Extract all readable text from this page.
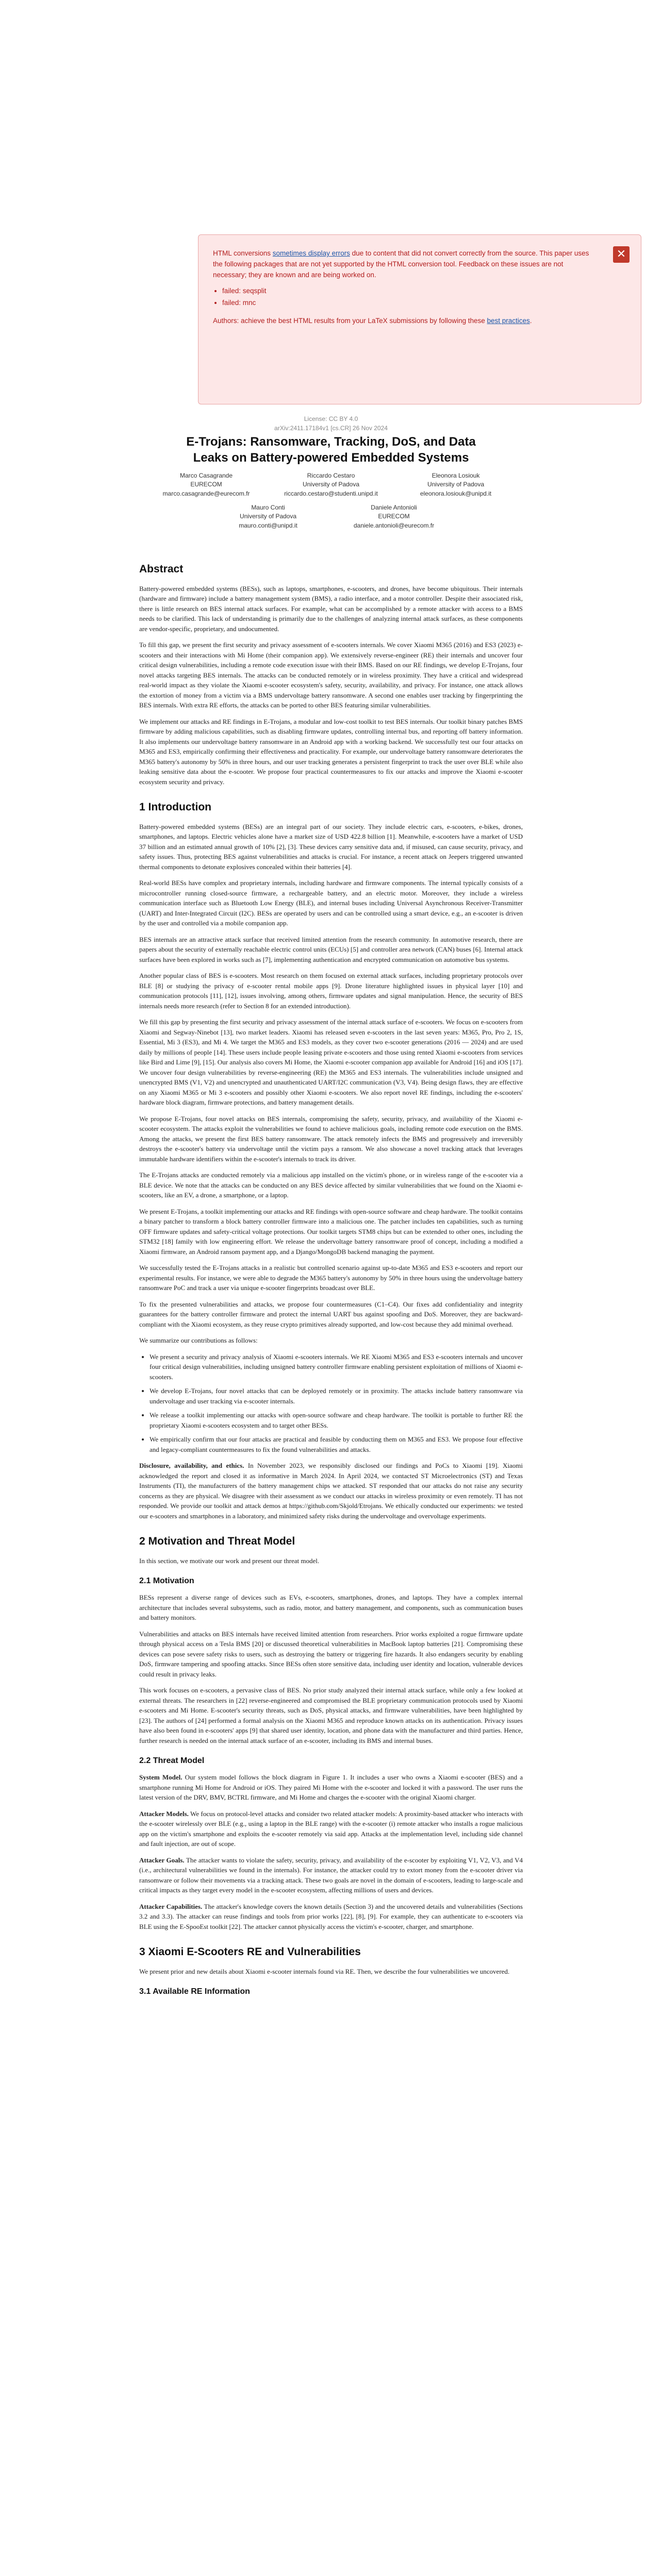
HTML conversions sometimes display errors due to content that did not convert correctly from the source. This paper uses the following packages that are not yet supported by the HTML conversion tool. Feedback on these issues are not necessary; they are known and are being worked on.
• failed: seqsplit
• failed: mnc
Authors: achieve the best HTML results from your LaTeX submissions by following these best practices.
✕
License: CC BY 4.0
arXiv:2411.17184v1 [cs.CR] 26 Nov 2024
E-Trojans: Ransomware, Tracking, DoS, and Data
Leaks on Battery-powered Embedded Systems
Marco Casagrande
EURECOM
marco.casagrande@eurecom.fr
Riccardo Cestaro
University of Padova
riccardo.cestaro@studenti.unipd.it
Eleonora Losiouk
University of Padova
eleonora.losiouk@unipd.it
Mauro Conti
University of Padova
mauro.conti@unipd.it
Daniele Antonioli
EURECOM
daniele.antonioli@eurecom.fr
Abstract

Battery-powered embedded systems (BESs), such as laptops, smartphones, e-scooters, and drones, have become ubiquitous. Their internals (hardware and firmware) include a battery management system (BMS), a radio interface, and a motor controller. Despite their associated risk, there is little research on BES internal attack surfaces. For example, what can be accomplished by a remote attacker with access to a BMS needs to be clarified. This lack of understanding is primarily due to the challenges of analyzing internal attack surfaces, as these components are vendor-specific, proprietary, and undocumented.

To fill this gap, we present the first security and privacy assessment of e-scooters internals. We cover Xiaomi M365 (2016) and ES3 (2023) e-scooters and their interactions with Mi Home (their companion app). We extensively reverse-engineer (RE) their internals and uncover four critical design vulnerabilities, including a remote code execution issue with their BMS. Based on our RE findings, we develop E-Trojans, four novel attacks targeting BES internals. The attacks can be conducted remotely or in wireless proximity. They have a critical and widespread real-world impact as they violate the Xiaomi e-scooter ecosystem's safety, security, availability, and privacy. For instance, one attack allows the extortion of money from a victim via a BMS undervoltage battery ransomware. A second one enables user tracking by fingerprinting the BES internals. With extra RE efforts, the attacks can be ported to other BES featuring similar vulnerabilities.

We implement our attacks and RE findings in E-Trojans, a modular and low-cost toolkit to test BES internals. Our toolkit binary patches BMS firmware by adding malicious capabilities, such as disabling firmware updates, controlling internal bus, and reporting off battery information. It also implements our undervoltage battery ransomware in an Android app with a working backend. We successfully test our four attacks on M365 and ES3, empirically confirming their effectiveness and practicality. For example, our undervoltage battery ransomware deteriorates the M365 battery's autonomy by 50% in three hours, and our user tracking generates a persistent fingerprint to track the user over BLE while also leaking sensitive data about the e-scooter. We propose four practical countermeasures to fix our attacks and improve the Xiaomi e-scooter ecosystem security and privacy.

1 Introduction

Battery-powered embedded systems (BESs) are an integral part of our society. They include electric cars, e-scooters, e-bikes, drones, smartphones, and laptops. Electric vehicles alone have a market size of USD 422.8 billion [1]. Meanwhile, e-scooters have a market of USD 37 billion and an estimated annual growth of 10% [2], [3]. These devices carry sensitive data and, if misused, can cause security, privacy, and safety issues. Thus, protecting BES against vulnerabilities and attacks is crucial. For instance, a recent attack on Jeepers triggered unwanted thermal components to detonate explosives concealed within their batteries [4].

Real-world BESs have complex and proprietary internals, including hardware and firmware components. The internal typically consists of a microcontroller running closed-source firmware, a rechargeable battery, and an electric motor. Moreover, they include a wireless communication interface such as Bluetooth Low Energy (BLE), and internal buses including Universal Asynchronous Receiver-Transmitter (UART) and Inter-Integrated Circuit (I2C). BESs are operated by users and can be controlled using a smart device, e.g., an e-scooter is driven by the user and controlled via a mobile companion app.

BES internals are an attractive attack surface that received limited attention from the research community. In automotive research, there are papers about the security of externally reachable electric control units (ECUs) [5] and controller area network (CAN) buses [6]. Internal attack surfaces have been explored in works such as [7], implementing authentication and encrypted communication on automotive bus systems.

Another popular class of BES is e-scooters. Most research on them focused on external attack surfaces, including proprietary protocols over BLE [8] or studying the privacy of e-scooter rental mobile apps [9]. Drone literature highlighted issues in physical layer [10] and communication protocols [11], [12], issues involving, among others, firmware updates and signal manipulation. Hence, the security of BES internals needs more research (refer to Section 8 for an extended introduction).

We fill this gap by presenting the first security and privacy assessment of the internal attack surface of e-scooters. We focus on e-scooters from Xiaomi and Segway-Ninebot [13], two market leaders. Xiaomi has released seven e-scooters in the last seven years: M365, Pro, Pro 2, 1S, Essential, Mi 3 (ES3), and Mi 4. We target the M365 and ES3 models, as they cover two e-scooter generations (2016 — 2024) and are used daily by millions of people [14]. These users include people leasing private e-scooters and those using rented Xiaomi e-scooters from services like Bird and Lime [9], [15]. Our analysis also covers Mi Home, the Xiaomi e-scooter companion app available for Android [16] and iOS [17]. We uncover four design vulnerabilities by reverse-engineering (RE) the M365 and ES3 internals. The vulnerabilities include unsigned and unencrypted BMS (V1, V2) and unencrypted and unauthenticated UART/I2C communication (V3, V4). Being design flaws, they are effective on any Xiaomi M365 or Mi 3 e-scooters and possibly other Xiaomi e-scooters. We also report novel RE findings, including the e-scooters' hardware block diagram, firmware protections, and battery management details.

We propose E-Trojans, four novel attacks on BES internals, compromising the safety, security, privacy, and availability of the Xiaomi e-scooter ecosystem. The attacks exploit the vulnerabilities we found to achieve malicious goals, including remote code execution on the BMS. Among the attacks, we present the first BES battery ransomware. The attack remotely infects the BMS and progressively and irreversibly destroys the e-scooter's battery via undervoltage until the victim pays a ransom. We also showcase a novel tracking attack that leverages immutable hardware identifiers within the e-scooter's internals to track its driver.

The E-Trojans attacks are conducted remotely via a malicious app installed on the victim's phone, or in wireless range of the e-scooter via a BLE device. We note that the attacks can be conducted on any BES device affected by similar vulnerabilities that we found on the Xiaomi e-scooters, like an EV, a drone, a smartphone, or a laptop.

We present E-Trojans, a toolkit implementing our attacks and RE findings with open-source software and cheap hardware. The toolkit contains a binary patcher to transform a block battery controller firmware into a malicious one. The patcher includes ten capabilities, such as turning OFF firmware updates and safety-critical voltage protections. Our toolkit targets STM8 chips but can be extended to other ones, including the STM32 [18] family with low engineering effort. We release the undervoltage battery ransomware proof of concept, including a modified a Xiaomi firmware, an Android ransom payment app, and a Django/MongoDB backend managing the payment.

We successfully tested the E-Trojans attacks in a realistic but controlled scenario against up-to-date M365 and ES3 e-scooters and report our experimental results. For instance, we were able to degrade the M365 battery's autonomy by 50% in three hours using the undervoltage battery ransomware PoC and track a user via unique e-scooter fingerprints broadcast over BLE.

To fix the presented vulnerabilities and attacks, we propose four countermeasures (C1–C4). Our fixes add confidentiality and integrity guarantees for the battery controller firmware and protect the internal UART bus against spoofing and DoS. Moreover, they are backward-compliant with the Xiaomi ecosystem, as they reuse crypto primitives already supported, and low-cost because they add minimal overhead.

We summarize our contributions as follows:

• We present a security and privacy analysis of Xiaomi e-scooters internals. We RE Xiaomi M365 and ES3 e-scooters internals and uncover four critical design vulnerabilities, including unsigned battery controller firmware enabling persistent exploitation of millions of Xiaomi e-scooters.
• We develop E-Trojans, four novel attacks that can be deployed remotely or in proximity. The attacks include battery ransomware via undervoltage and user tracking via e-scooter internals.
• We release a toolkit implementing our attacks with open-source software and cheap hardware. The toolkit is portable to further RE the proprietary Xiaomi e-scooters ecosystem and to target other BESs.
• We empirically confirm that our four attacks are practical and feasible by conducting them on M365 and ES3. We propose four effective and legacy-compliant countermeasures to fix the found vulnerabilities and attacks.

Disclosure, availability, and ethics. In November 2023, we responsibly disclosed our findings and PoCs to Xiaomi [19]. Xiaomi acknowledged the report and closed it as informative in March 2024. In April 2024, we contacted ST Microelectronics (ST) and Texas Instruments (TI), the manufacturers of the battery management chips we attacked. ST responded that our attacks do not raise any security concerns as they are physical. We disagree with their assessment as we conduct our attacks in wireless proximity or even remotely. TI has not responded. We provide our toolkit and attack demos at https://github.com/Skjold/Etrojans. We ethically conducted our experiments: we tested our e-scooters and smartphones in a laboratory, and minimized safety risks during the undervoltage and overvoltage experiments.

2 Motivation and Threat Model

In this section, we motivate our work and present our threat model.

2.1 Motivation

BESs represent a diverse range of devices such as EVs, e-scooters, smartphones, drones, and laptops. They have a complex internal architecture that includes several subsystems, such as radio, motor, and battery management, and components, such as communication buses and battery monitors.

Vulnerabilities and attacks on BES internals have received limited attention from researchers. Prior works exploited a rogue firmware update through physical access on a Tesla BMS [20] or discussed theoretical vulnerabilities in MacBook laptop batteries [21]. Compromising these devices can pose severe safety risks to users, such as destroying the battery or triggering fire hazards. It also endangers security by enabling DoS, firmware tampering and spoofing attacks. Since BESs often store sensitive data, including user identity and location, vulnerable devices could result in privacy leaks.

This work focuses on e-scooters, a pervasive class of BES. No prior study analyzed their internal attack surface, while only a few looked at external threats. The researchers in [22] reverse-engineered and compromised the BLE proprietary communication protocols used by Xiaomi e-scooters and Mi Home. E-scooter's security threats, such as DoS, physical attacks, and firmware vulnerabilities, have been highlighted by [23]. The authors of [24] performed a formal analysis on the Xiaomi M365 and reproduce known attacks on its authentication. Privacy issues have also been found in e-scooters' apps [9] that shared user identity, location, and phone data with the manufacturer and third parties. Hence, further research is needed on the internal attack surface of an e-scooter, including its BMS and internal buses.

2.2 Threat Model

System Model. Our system model follows the block diagram in Figure 1. It includes a user who owns a Xiaomi e-scooter (BES) and a smartphone running Mi Home for Android or iOS. They paired Mi Home with the e-scooter and locked it with a password. The user runs the latest version of the DRV, BMV, BCTRL firmware, and Mi Home and charges the e-scooter with the original Xiaomi charger.

Attacker Models. We focus on protocol-level attacks and consider two related attacker models: A proximity-based attacker who interacts with the e-scooter wirelessly over BLE (e.g., using a laptop in the BLE range) with the e-scooter (i) remote attacker who installs a rogue malicious app on the victim's smartphone and exploits the e-scooter remotely via said app. Attacks at the implementation level, including side channel and fault injection, are out of scope.

Attacker Goals. The attacker wants to violate the safety, security, privacy, and availability of the e-scooter by exploiting V1, V2, V3, and V4 (i.e., architectural vulnerabilities we found in the internals). For instance, the attacker could try to extort money from the e-scooter driver via ransomware or follow their movements via a tracking attack. These two goals are novel in the domain of e-scooters, leading to large-scale and critical impacts as they target every model in the e-scooter ecosystem, affecting millions of users and devices.

Attacker Capabilities. The attacker's knowledge covers the known details (Section 3) and the uncovered details and vulnerabilities (Sections 3.2 and 3.3). The attacker can reuse findings and tools from prior works [22], [8], [9]. For example, they can authenticate to e-scooters via BLE using the E-SpooEst toolkit [22]. The attacker cannot physically access the victim's e-scooter, charger, and smartphone.

3 Xiaomi E-Scooters RE and Vulnerabilities

We present prior and new details about Xiaomi e-scooter internals found via RE. Then, we describe the four vulnerabilities we uncovered.

3.1 Available RE Information
